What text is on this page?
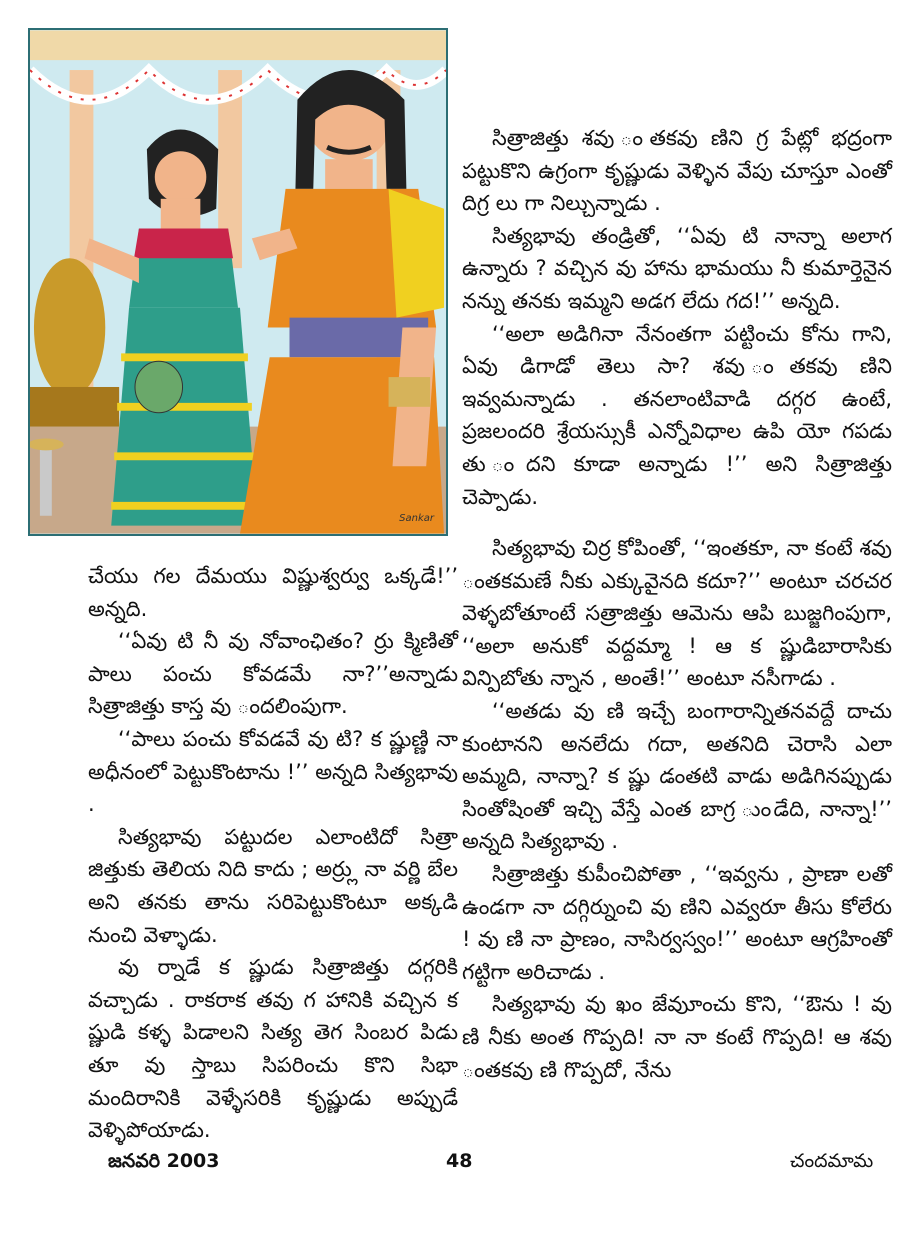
Sankar

సిత్రాజిత్తు శవు ంతకవు ణిని గ్ర పేట్లో భద్రంగా పట్టుకొని ఉగ్రంగా కృష్ణుడు వెళ్ళిన వేపు చూస్తూ ఎంతో దిగ్ర లు గా నిల్చున్నాడు .

సిత్యభావు తండ్రితో, ‘‘ఏవు టి నాన్నా అలాగ ఉన్నారు ? వచ్చిన వు హాను భామయు నీ కుమార్తెనైన నన్ను తనకు ఇమ్మని అడగ లేదు గద!’’ అన్నది.

‘‘అలా అడిగినా నేనంతగా పట్టించు కోను గాని, ఏవు డిగాడో తెలు సా? శవు ంతకవు ణిని ఇవ్వమన్నాడు . తనలాంటివాడి దగ్గర ఉంటే, ప్రజలందరి శ్రేయస్సుకీ ఎన్నోవిధాల ఉపి యో గపడు తు ందని కూడా అన్నాడు !’’ అని సిత్రాజిత్తు చెప్పాడు.

చేయు గల దేమయు విష్ణుశ్వర్వు ఒక్కడే!’’ అన్నది.

‘‘ఏవు టి నీ వు నోవాంఛితం? ర్రు క్మిణితో పాలు పంచు కోవడమే నా?’’అన్నాడు సిత్రాజిత్తు కాస్త వు ందలింపుగా.

‘‘పాలు పంచు కోవడవే వు టి? క ష్ణుణ్ణి నా అధీనంలో పెట్టుకొంటాను !’’ అన్నది సిత్యభావు .

సిత్యభావు పట్టుదల ఎలాంటిదో సిత్రా జిత్తుకు తెలియ నిది కాదు ; అర్ర్లు నా వర్ణి బేల అని తనకు తాను సరిపెట్టుకొంటూ అక్కడి నుంచి వెళ్ళాడు.

వు ర్నాడే క ష్ణుడు సిత్రాజిత్తు దగ్గరికి వచ్చాడు . రాకరాక తవు గ హానికి వచ్చిన క ష్ణుడి కళ్ళ పిడాలని సిత్య తెగ సింబర పిడు తూ వు స్తాబు సిపరించు కొని సిభా మందిరానికి వెళ్ళేసరికి కృష్ణుడు అప్పుడే వెళ్ళిపోయాడు.

సిత్యభావు చిర్ర కోపింతో, ‘‘ఇంతకూ, నా కంటే శవు ంతకమణే నీకు ఎక్కువైనది కదూ?’’ అంటూ చరచర వెళ్ళబోతూంటే సత్రాజిత్తు ఆమెను ఆపి బుజ్జగింపుగా, ‘‘అలా అనుకో వద్దమ్మా ! ఆ క ష్ణుడిబారాసికు విన్పిబోతు న్నాన , అంతే!’’ అంటూ నసీగాడు .

‘‘అతడు వు ణి ఇచ్చే బంగారాన్నితనవద్దే దాచు కుంటానని అనలేదు గదా, అతనిది చెరాసి ఎలా అమ్మది, నాన్నా? క ష్ణు డంతటి వాడు అడిగినప్పుడు సింతోషింతో ఇచ్చి వేస్తే ఎంత బాగ్ర ుండేది, నాన్నా!’’ అన్నది సిత్యభావు .

సిత్రాజిత్తు కుపీంచిపోతా , ‘‘ఇవ్వను , ప్రాణా లతో ఉండగా నా దగ్గిర్నుంచి వు ణిని ఎవ్వరూ తీసు కోలేరు ! వు ణి నా ప్రాణం, నాసిర్వస్వం!’’ అంటూ ఆగ్రహింతో గట్టిగా అరిచాడు .

సిత్యభావు వు ఖం జేవుూంచు కొని, ‘‘ఔను ! వు ణి నీకు అంత గొప్పది! నా నా కంటే గొప్పది! ఆ శవు ంతకవు ణి గొప్పదో, నేను

జనవరి 2003	48	చందమామ
